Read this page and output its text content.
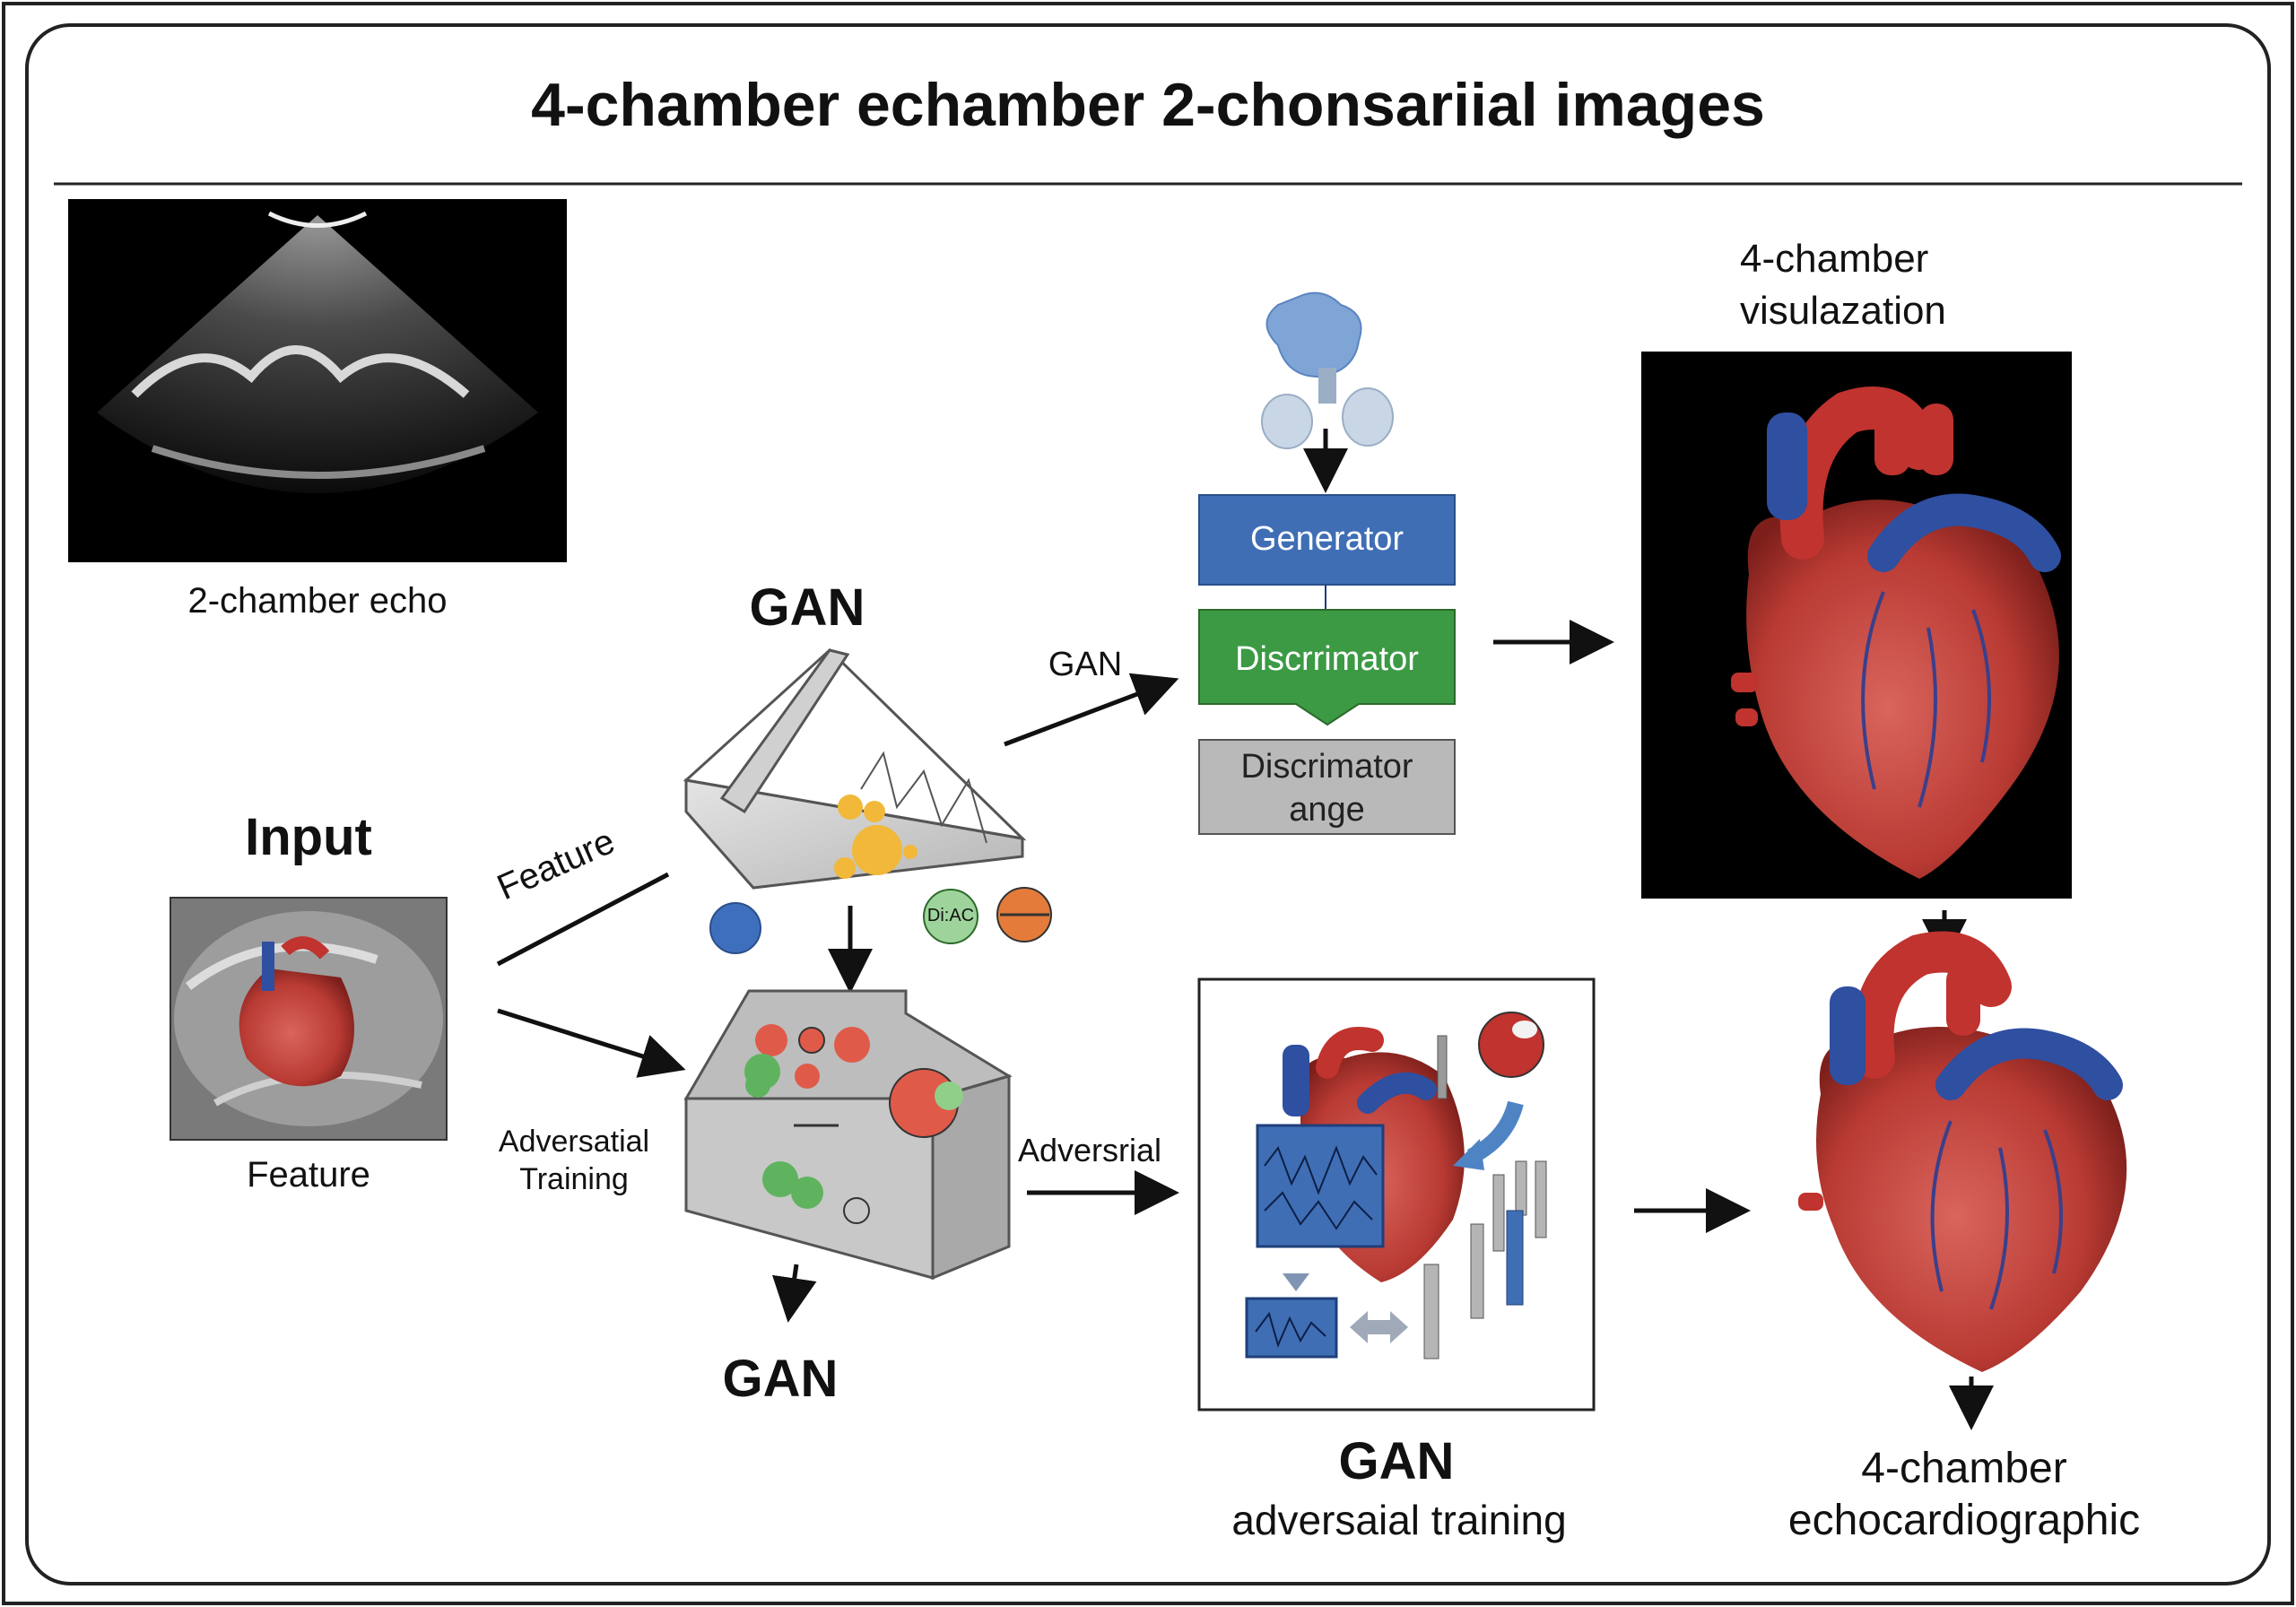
4-chamber echamber 2-chonsariial images
2-chamber echo
Input
Feature
GAN
Feature
Adversatial
Training
GAN
GAN
Adversrial
Generator
Discrrimator
Discrimator
ange
Di:AC
4-chamber
visulazation
GAN
adversaial training
4-chamber
echocardiographic
